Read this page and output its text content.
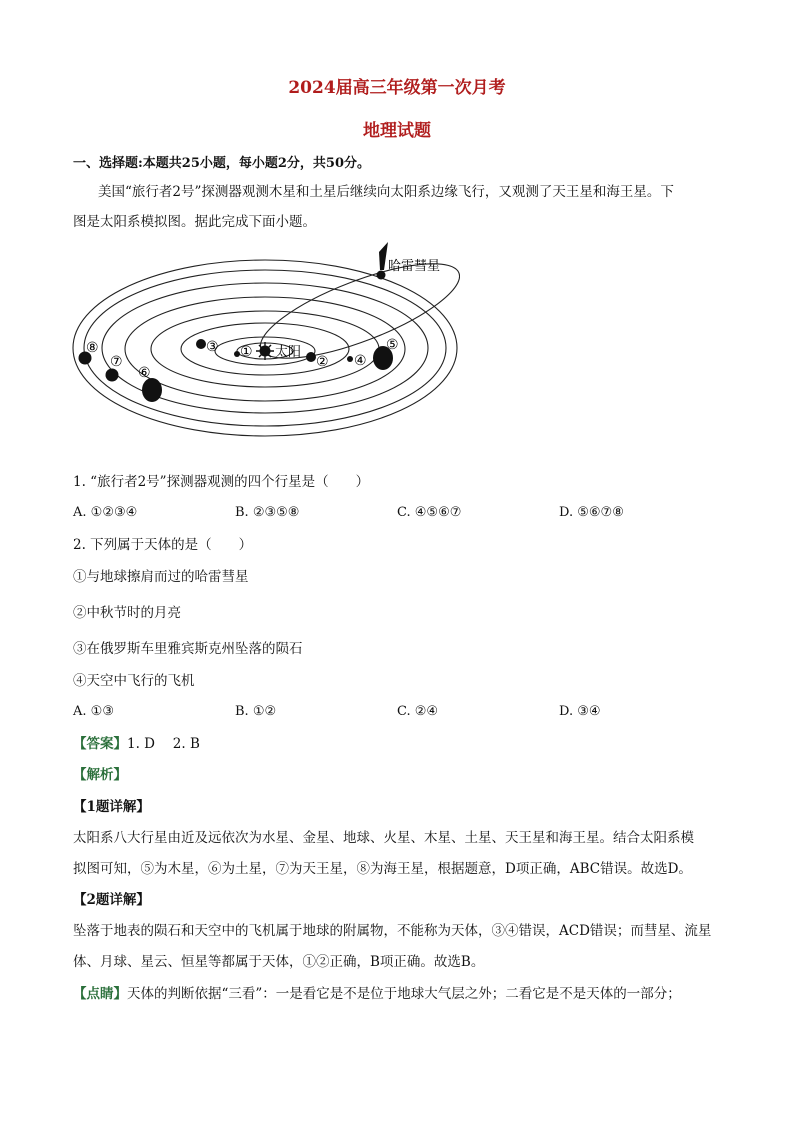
2024届高三年级第一次月考
地理试题
一、选择题:本题共25小题，每小题2分，共50分。
美国“旅行者2号”探测器观测木星和土星后继续向太阳系边缘飞行，又观测了天王星和海王星。下
图是太阳系模拟图。据此完成下面小题。
太阳
哈雷彗星
①
②
③
④
⑤
⑥
⑦
⑧
1. “旅行者2号”探测器观测的四个行星是（　　）
A. ①②③④	B. ②③⑤⑧	C. ④⑤⑥⑦	D. ⑤⑥⑦⑧
2. 下列属于天体的是（　　）
①与地球擦肩而过的哈雷彗星
②中秋节时的月亮
③在俄罗斯车里雅宾斯克州坠落的陨石
④天空中飞行的飞机
A. ①③	B. ①②	C. ②④	D. ③④
【答案】1. D　 2. B
【解析】
【1题详解】
太阳系八大行星由近及远依次为水星、金星、地球、火星、木星、土星、天王星和海王星。结合太阳系模
拟图可知，⑤为木星，⑥为土星，⑦为天王星，⑧为海王星，根据题意，D项正确，ABC错误。故选D。
【2题详解】
坠落于地表的陨石和天空中的飞机属于地球的附属物，不能称为天体，③④错误，ACD错误；而彗星、流星
体、月球、星云、恒星等都属于天体，①②正确，B项正确。故选B。
【点睛】天体的判断依据“三看”：一是看它是不是位于地球大气层之外；二看它是不是天体的一部分；
